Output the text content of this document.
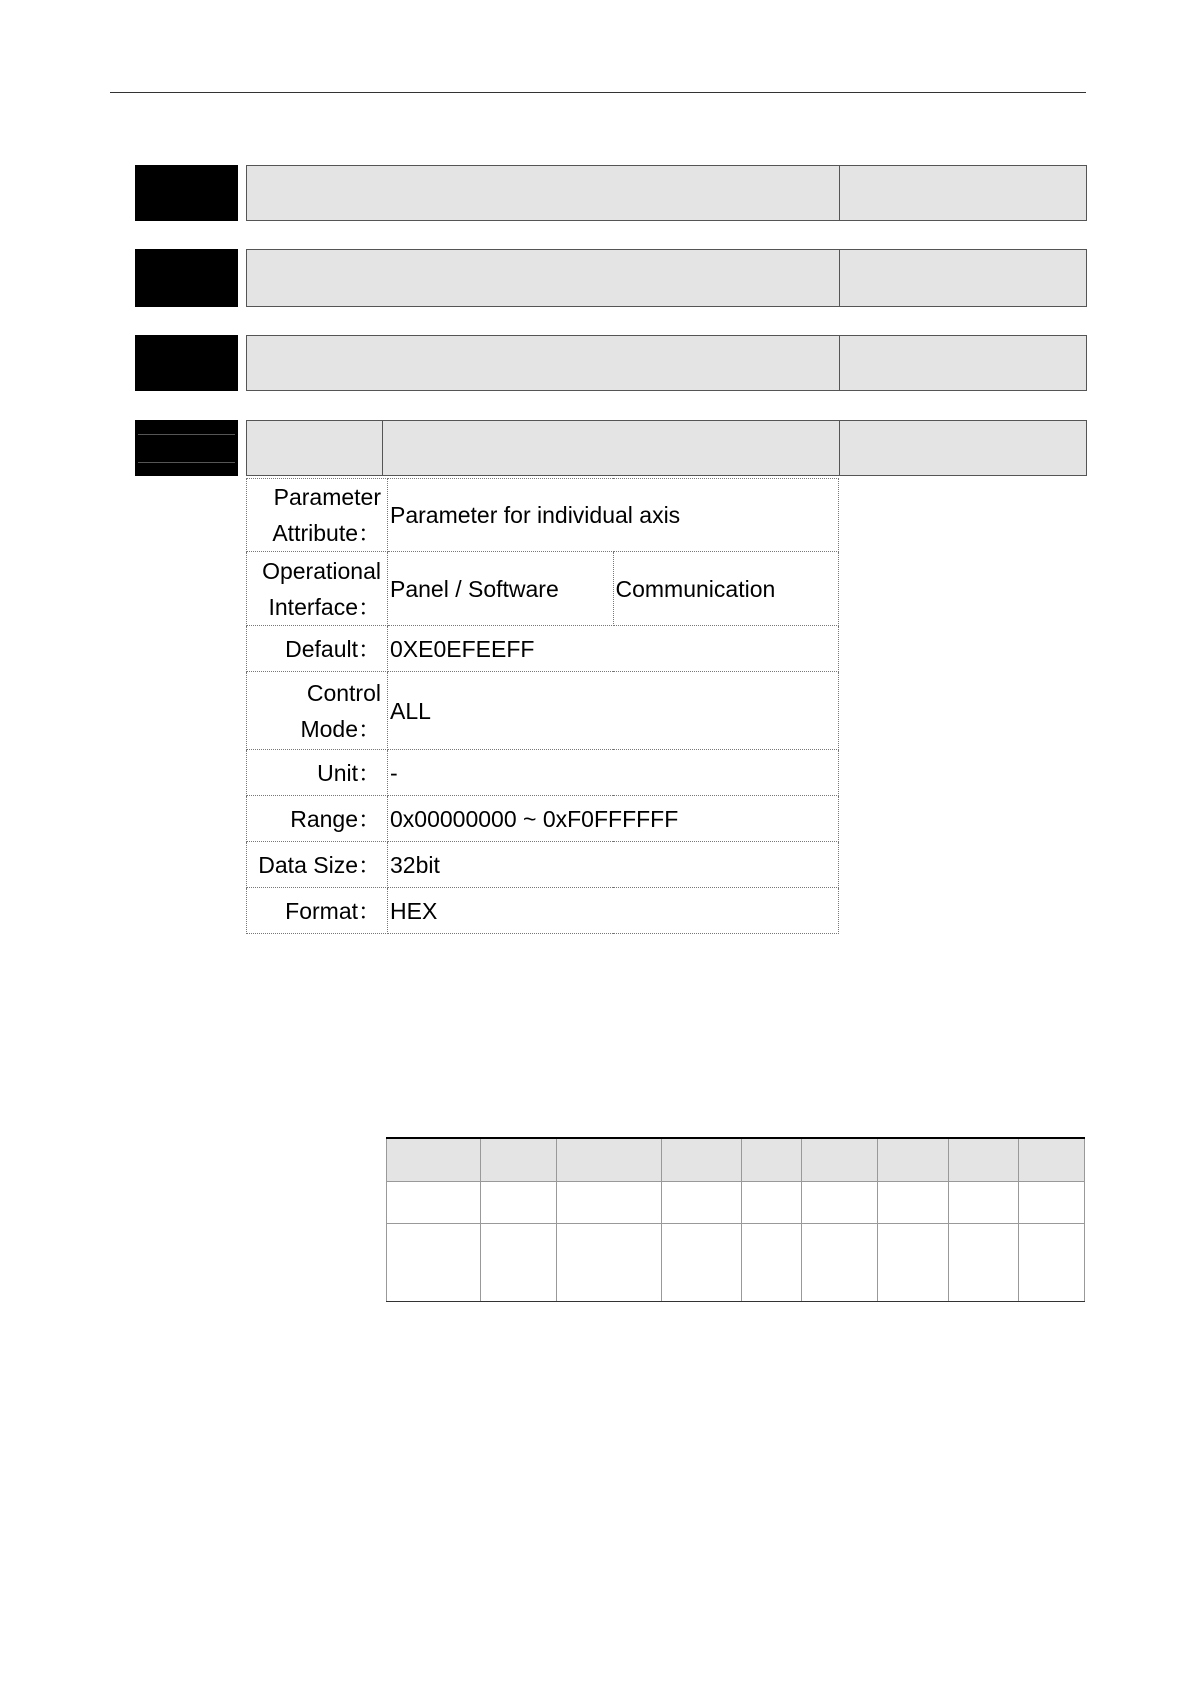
Parameter Attribute：	Parameter for individual axis	
Operational Interface：	Panel / Software	Communication
Default：	0XE0EFEEFF	
Control Mode：	ALL	
Unit：	-	
Range：	0x00000000 ~ 0xF0FFFFFF	
Data Size：	32bit	
Format：	HEX	
